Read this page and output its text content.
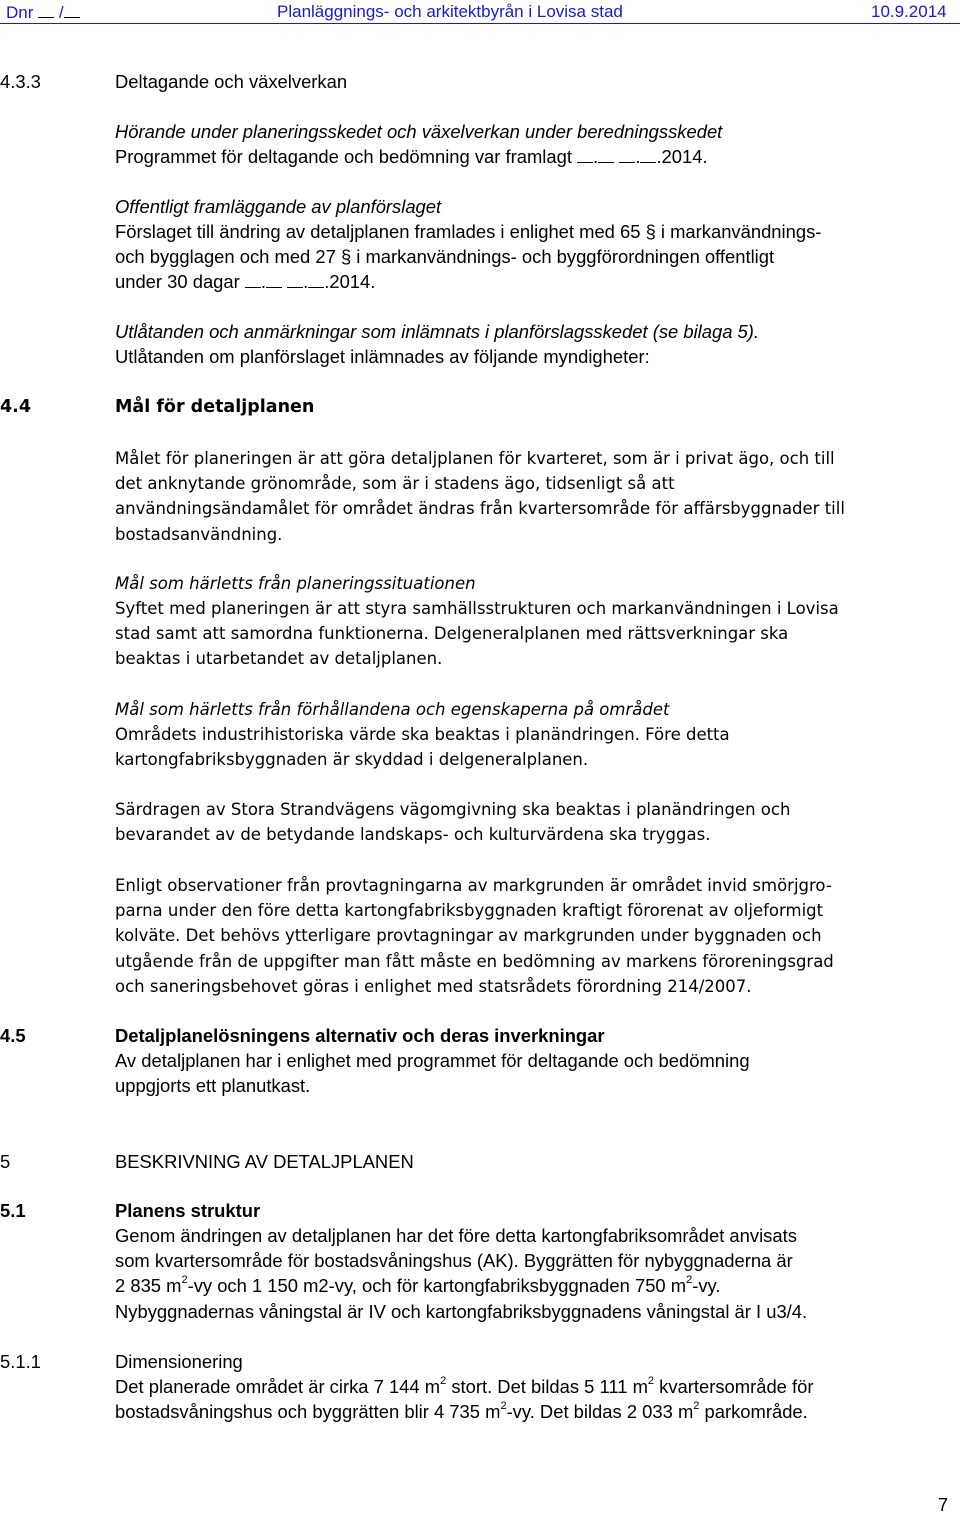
Dnr  /	Planläggnings- och arkitektbyrån i Lovisa stad	10.9.2014
4.3.3	Deltagande och växelverkan
Hörande under planeringsskedet och växelverkan under beredningsskedet
Programmet för deltagande och bedömning var framlagt . . .2014.
Offentligt framläggande av planförslaget
Förslaget till ändring av detaljplanen framlades i enlighet med 65 § i markanvändnings-
och bygglagen och med 27 § i markanvändnings- och byggförordningen offentligt
under 30 dagar . . .2014.
Utlåtanden och anmärkningar som inlämnats i planförslagsskedet (se bilaga 5).
Utlåtanden om planförslaget inlämnades av följande myndigheter:
4.4	Mål för detaljplanen
Målet för planeringen är att göra detaljplanen för kvarteret, som är i privat ägo, och till
det anknytande grönområde, som är i stadens ägo, tidsenligt så att
användningsändamålet för området ändras från kvartersområde för affärsbyggnader till
bostadsanvändning.
Mål som härletts från planeringssituationen
Syftet med planeringen är att styra samhällsstrukturen och markanvändningen i Lovisa
stad samt att samordna funktionerna. Delgeneralplanen med rättsverkningar ska
beaktas i utarbetandet av detaljplanen.
Mål som härletts från förhållandena och egenskaperna på området
Områdets industrihistoriska värde ska beaktas i planändringen. Före detta
kartongfabriksbyggnaden är skyddad i delgeneralplanen.
Särdragen av Stora Strandvägens vägomgivning ska beaktas i planändringen och
bevarandet av de betydande landskaps- och kulturvärdena ska tryggas.
Enligt observationer från provtagningarna av markgrunden är området invid smörjgro-
parna under den före detta kartongfabriksbyggnaden kraftigt förorenat av oljeformigt
kolväte. Det behövs ytterligare provtagningar av markgrunden under byggnaden och
utgående från de uppgifter man fått måste en bedömning av markens föroreningsgrad
och saneringsbehovet göras i enlighet med statsrådets förordning 214/2007.
4.5	Detaljplanelösningens alternativ och deras inverkningar
Av detaljplanen har i enlighet med programmet för deltagande och bedömning
uppgjorts ett planutkast.
5	BESKRIVNING AV DETALJPLANEN
5.1	Planens struktur
Genom ändringen av detaljplanen har det före detta kartongfabriksområdet anvisats
som kvartersområde för bostadsvåningshus (AK). Byggrätten för nybyggnaderna är
2 835 $m^2-vy$ och 1 150 m2-vy, och för kartongfabriksbyggnaden 750 $m^2-vy$.
Nybyggnadernas våningstal är IV och kartongfabriksbyggnadens våningstal är I u3/4.
5.1.1	Dimensionering
Det planerade området är cirka 7 144 $m^2$ stort. Det bildas 5 111 $m^2$ kvartersområde för
bostadsvåningshus och byggrätten blir 4 735 $m^2-vy$. Det bildas 2 033 $m^2$ parkområde.
7
